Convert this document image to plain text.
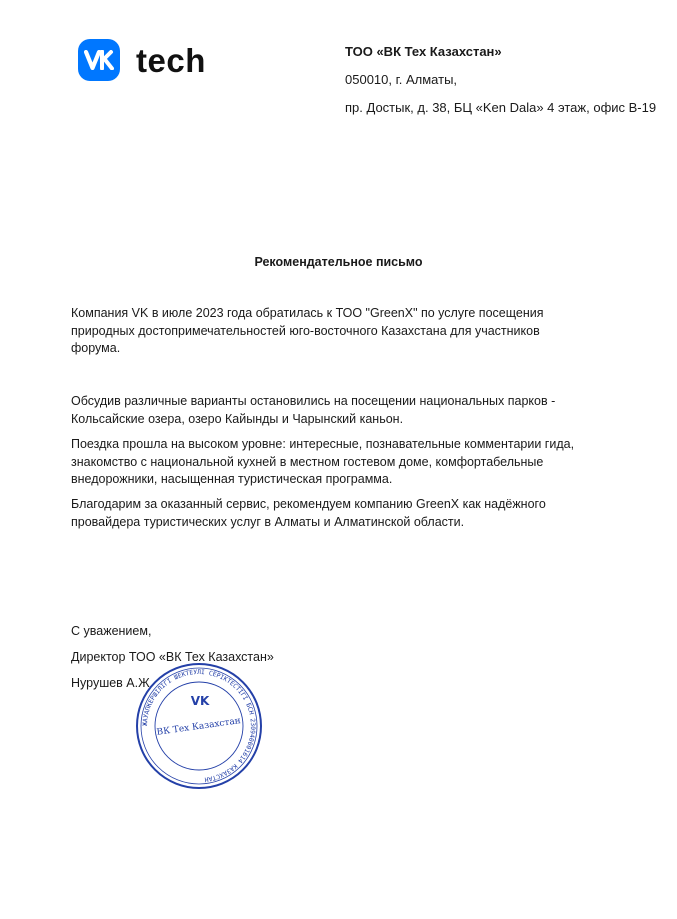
tech	ТОО «ВК Тех Казахстан»
050010, г. Алматы,
пр. Достык, д. 38, БЦ «Ken Dala» 4 этаж, офис В-19
Рекомендательное письмо

Компания VK в июле 2023 года обратилась к ТОО "GreenX" по услуге посещения природных достопримечательностей юго-восточного Казахстана для участников форума.

Обсудив различные варианты остановились на посещении национальных парков - Кольсайские озера, озеро Кайынды и Чарынский каньон.

Поездка прошла на высоком уровне: интересные, познавательные комментарии гида, знакомство с национальной кухней в местном гостевом доме, комфортабельные внедорожники, насыщенная туристическая программа.

Благодарим за оказанный сервис, рекомендуем компанию GreenX как надёжного провайдера туристических услуг в Алматы и Алматинской области.

С уважением,
Директор ТОО «ВК Тех Казахстан»
Нурушев А.Ж.
ЖАУАПКЕРШІЛІГІ ШЕКТЕУЛІ СЕРІКТЕСТІГІ БСН 230940001614 КАЗАХСТАН
VK
ВК Тех Казахстан
